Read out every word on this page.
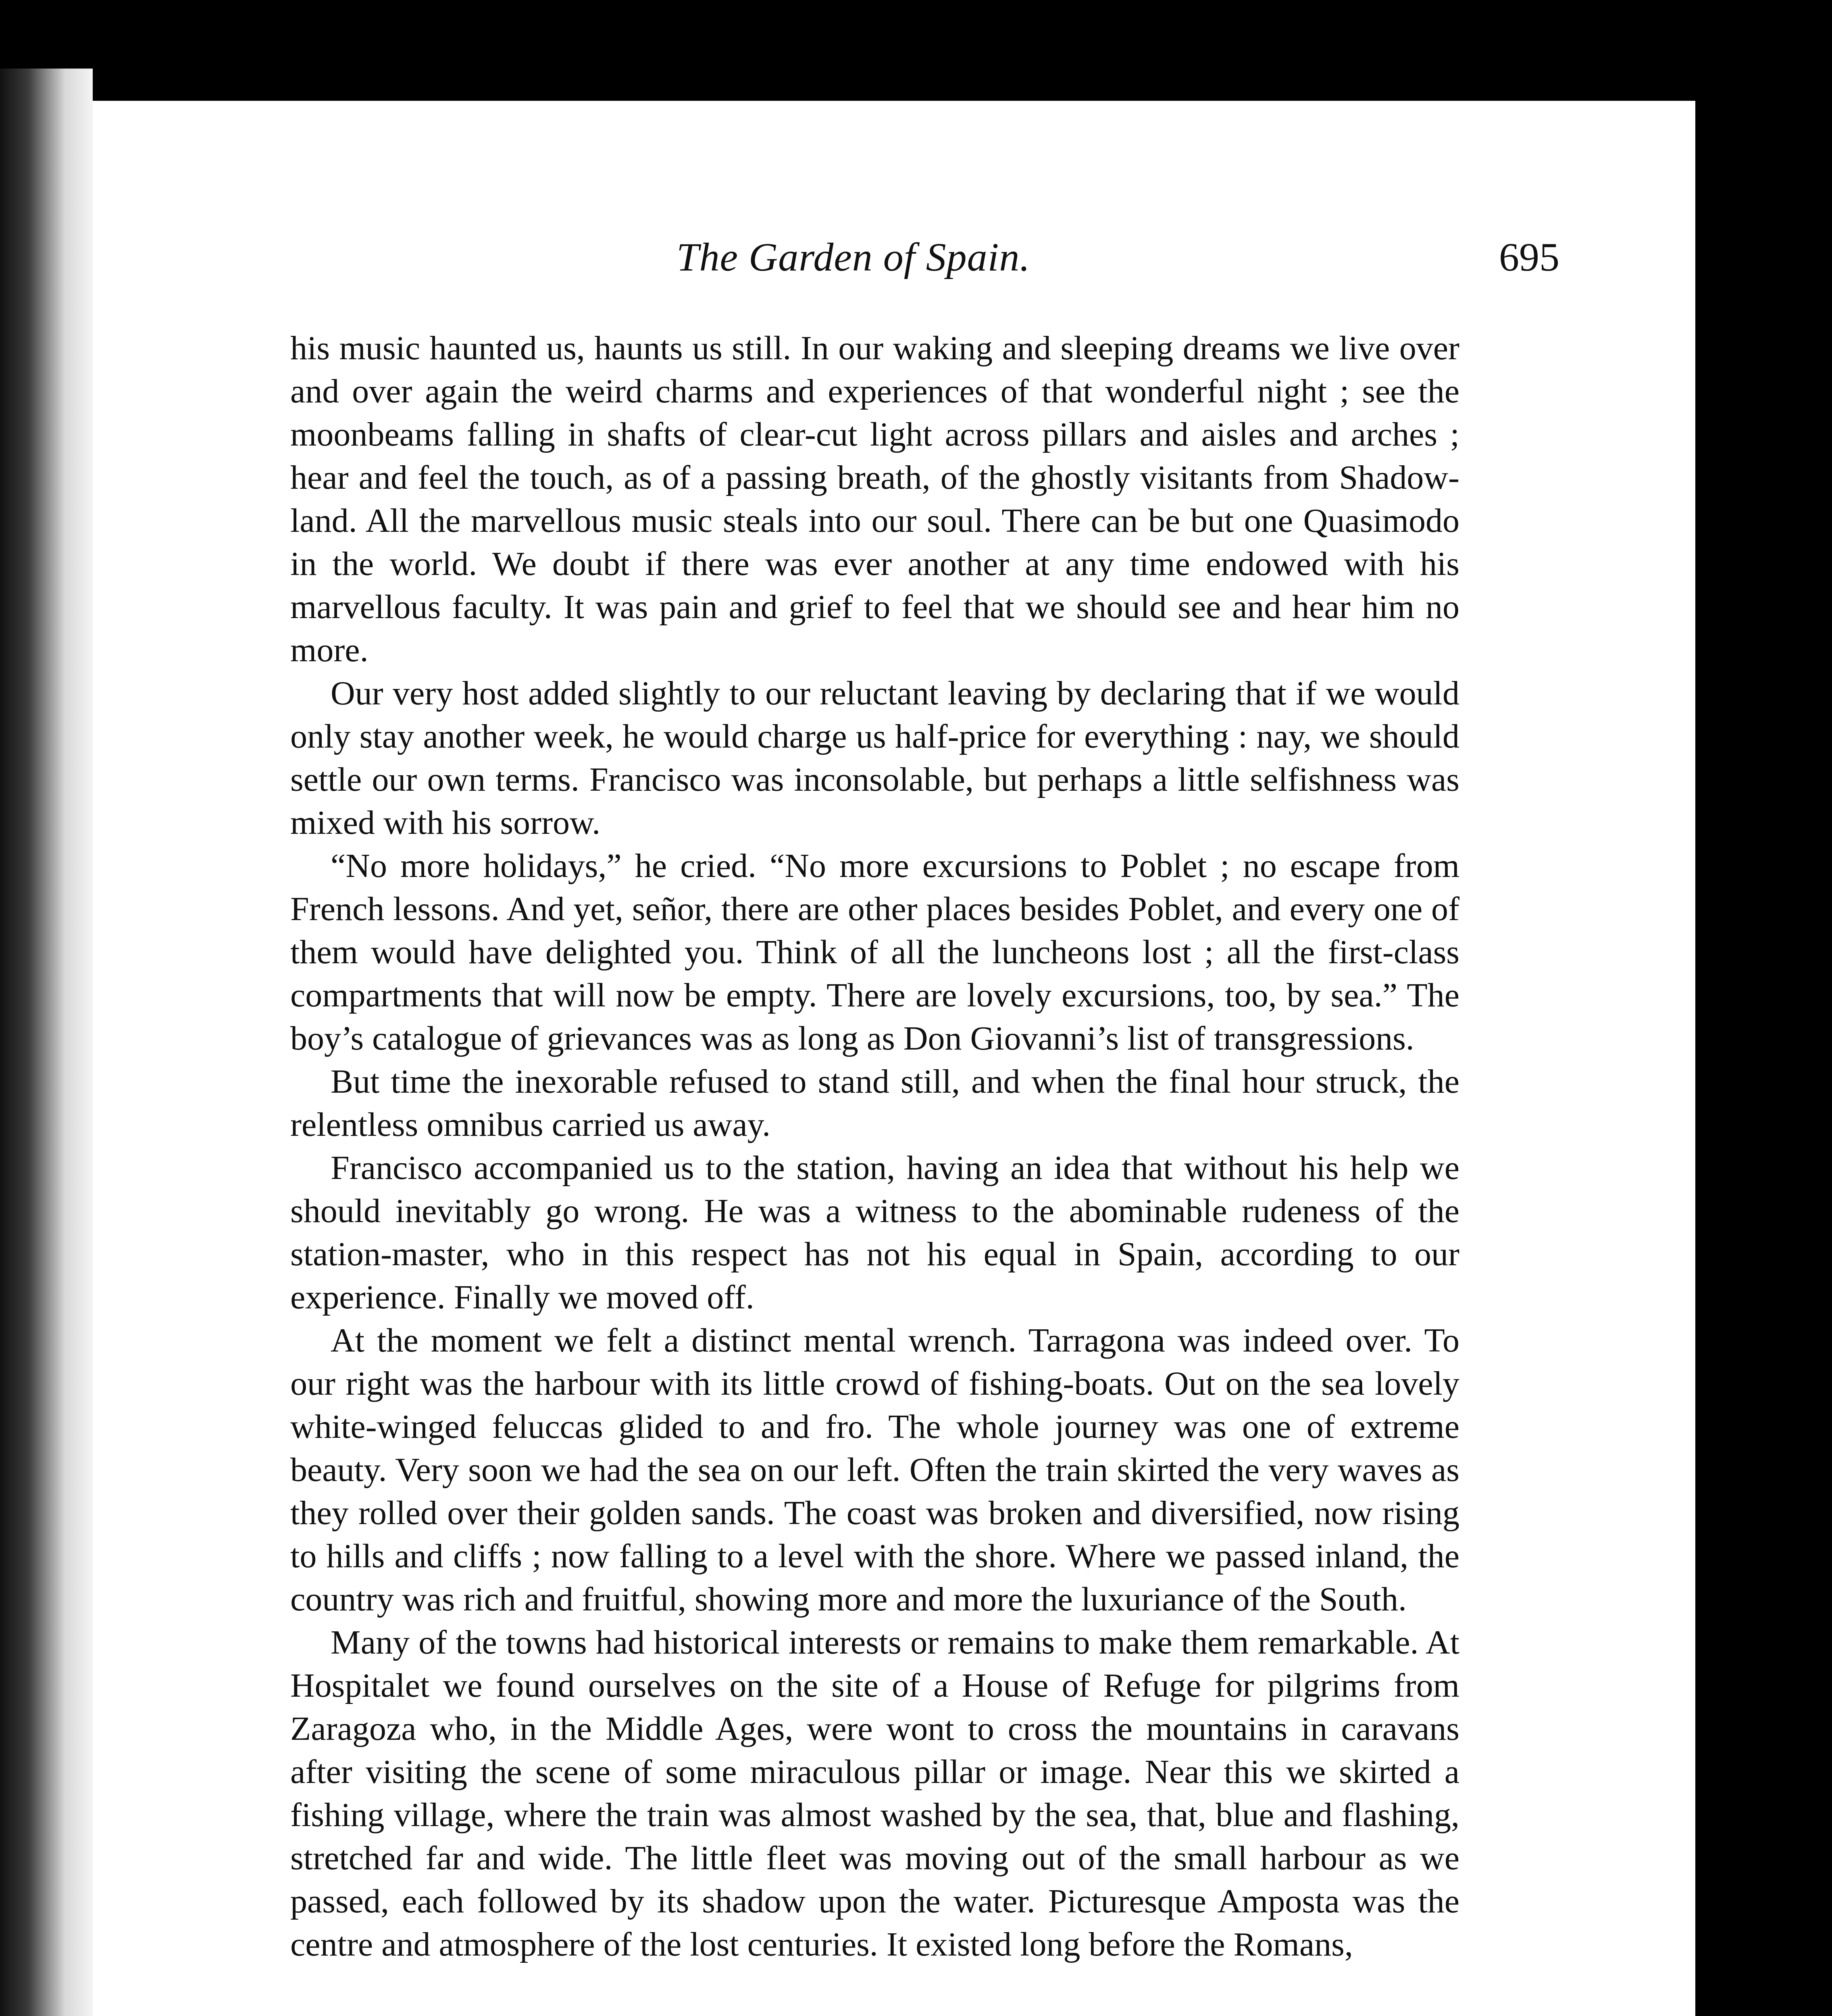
The Garden of Spain.	695

his music haunted us, haunts us still. In our waking and sleeping dreams we live over and over again the weird charms and experiences of that wonderful night ; see the moonbeams falling in shafts of clear-cut light across pillars and aisles and arches ; hear and feel the touch, as of a passing breath, of the ghostly visitants from Shadow-land. All the marvellous music steals into our soul. There can be but one Quasimodo in the world. We doubt if there was ever another at any time endowed with his marvellous faculty. It was pain and grief to feel that we should see and hear him no more.

Our very host added slightly to our reluctant leaving by declaring that if we would only stay another week, he would charge us half-price for everything : nay, we should settle our own terms. Francisco was inconsolable, but perhaps a little selfishness was mixed with his sorrow.

“No more holidays,” he cried. “No more excursions to Poblet ; no escape from French lessons. And yet, señor, there are other places besides Poblet, and every one of them would have delighted you. Think of all the luncheons lost ; all the first-class compartments that will now be empty. There are lovely excursions, too, by sea.” The boy’s catalogue of grievances was as long as Don Giovanni’s list of transgressions.

But time the inexorable refused to stand still, and when the final hour struck, the relentless omnibus carried us away.

Francisco accompanied us to the station, having an idea that without his help we should inevitably go wrong. He was a witness to the abominable rudeness of the station-master, who in this respect has not his equal in Spain, according to our experience. Finally we moved off.

At the moment we felt a distinct mental wrench. Tarragona was indeed over. To our right was the harbour with its little crowd of fishing-boats. Out on the sea lovely white-winged feluccas glided to and fro. The whole journey was one of extreme beauty. Very soon we had the sea on our left. Often the train skirted the very waves as they rolled over their golden sands. The coast was broken and diversified, now rising to hills and cliffs ; now falling to a level with the shore. Where we passed inland, the country was rich and fruitful, showing more and more the luxuriance of the South.

Many of the towns had historical interests or remains to make them remarkable. At Hospitalet we found ourselves on the site of a House of Refuge for pilgrims from Zaragoza who, in the Middle Ages, were wont to cross the mountains in caravans after visiting the scene of some miraculous pillar or image. Near this we skirted a fishing village, where the train was almost washed by the sea, that, blue and flashing, stretched far and wide. The little fleet was moving out of the small harbour as we passed, each followed by its shadow upon the water. Picturesque Amposta was the centre and atmosphere of the lost centuries. It existed long before the Romans,
